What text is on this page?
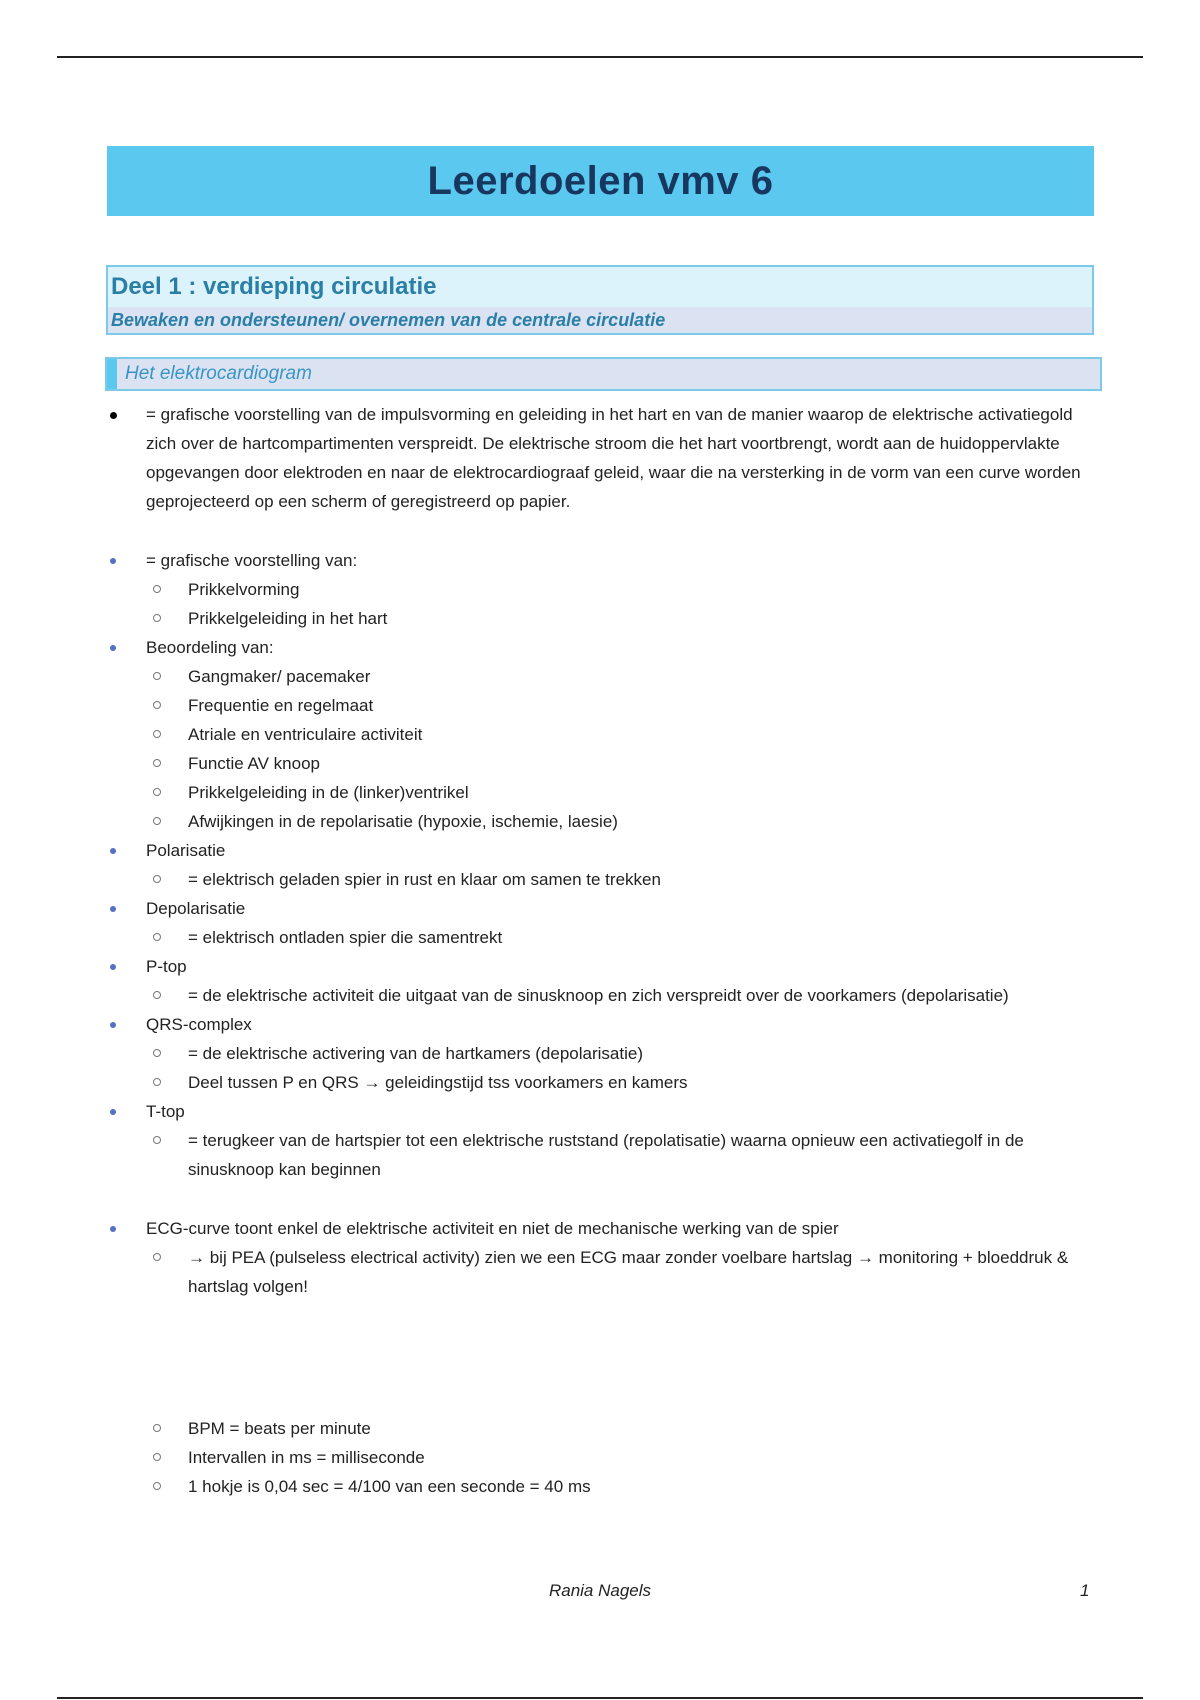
Leerdoelen vmv 6
Deel 1 : verdieping circulatie
Bewaken en ondersteunen/ overnemen van de centrale circulatie
Het elektrocardiogram
= grafische voorstelling van de impulsvorming en geleiding in het hart en van de manier waarop de elektrische activatiegold zich over de hartcompartimenten verspreidt. De elektrische stroom die het hart voortbrengt, wordt aan de huidoppervlakte opgevangen door elektroden en naar de elektrocardiograaf geleid, waar die na versterking in de vorm van een curve worden geprojecteerd op een scherm of geregistreerd op papier.
= grafische voorstelling van:
Prikkelvorming
Prikkelgeleiding in het hart
Beoordeling van:
Gangmaker/ pacemaker
Frequentie en regelmaat
Atriale en ventriculaire activiteit
Functie AV knoop
Prikkelgeleiding in de (linker)ventrikel
Afwijkingen in de repolarisatie (hypoxie, ischemie, laesie)
Polarisatie
= elektrisch geladen spier in rust en klaar om samen te trekken
Depolarisatie
= elektrisch ontladen spier die samentrekt
P-top
= de elektrische activiteit die uitgaat van de sinusknoop en zich verspreidt over de voorkamers (depolarisatie)
QRS-complex
= de elektrische activering van de hartkamers (depolarisatie)
Deel tussen P en QRS → geleidingstijd tss voorkamers en kamers
T-top
= terugkeer van de hartspier tot een elektrische ruststand (repolatisatie) waarna opnieuw een activatiegolf in de sinusknoop kan beginnen
ECG-curve toont enkel de elektrische activiteit en niet de mechanische werking van de spier
→ bij PEA (pulseless electrical activity) zien we een ECG maar zonder voelbare hartslag → monitoring + bloeddruk & hartslag volgen!
BPM = beats per minute
Intervallen in ms = milliseconde
1 hokje is 0,04 sec = 4/100 van een seconde = 40 ms
Rania Nagels	1
